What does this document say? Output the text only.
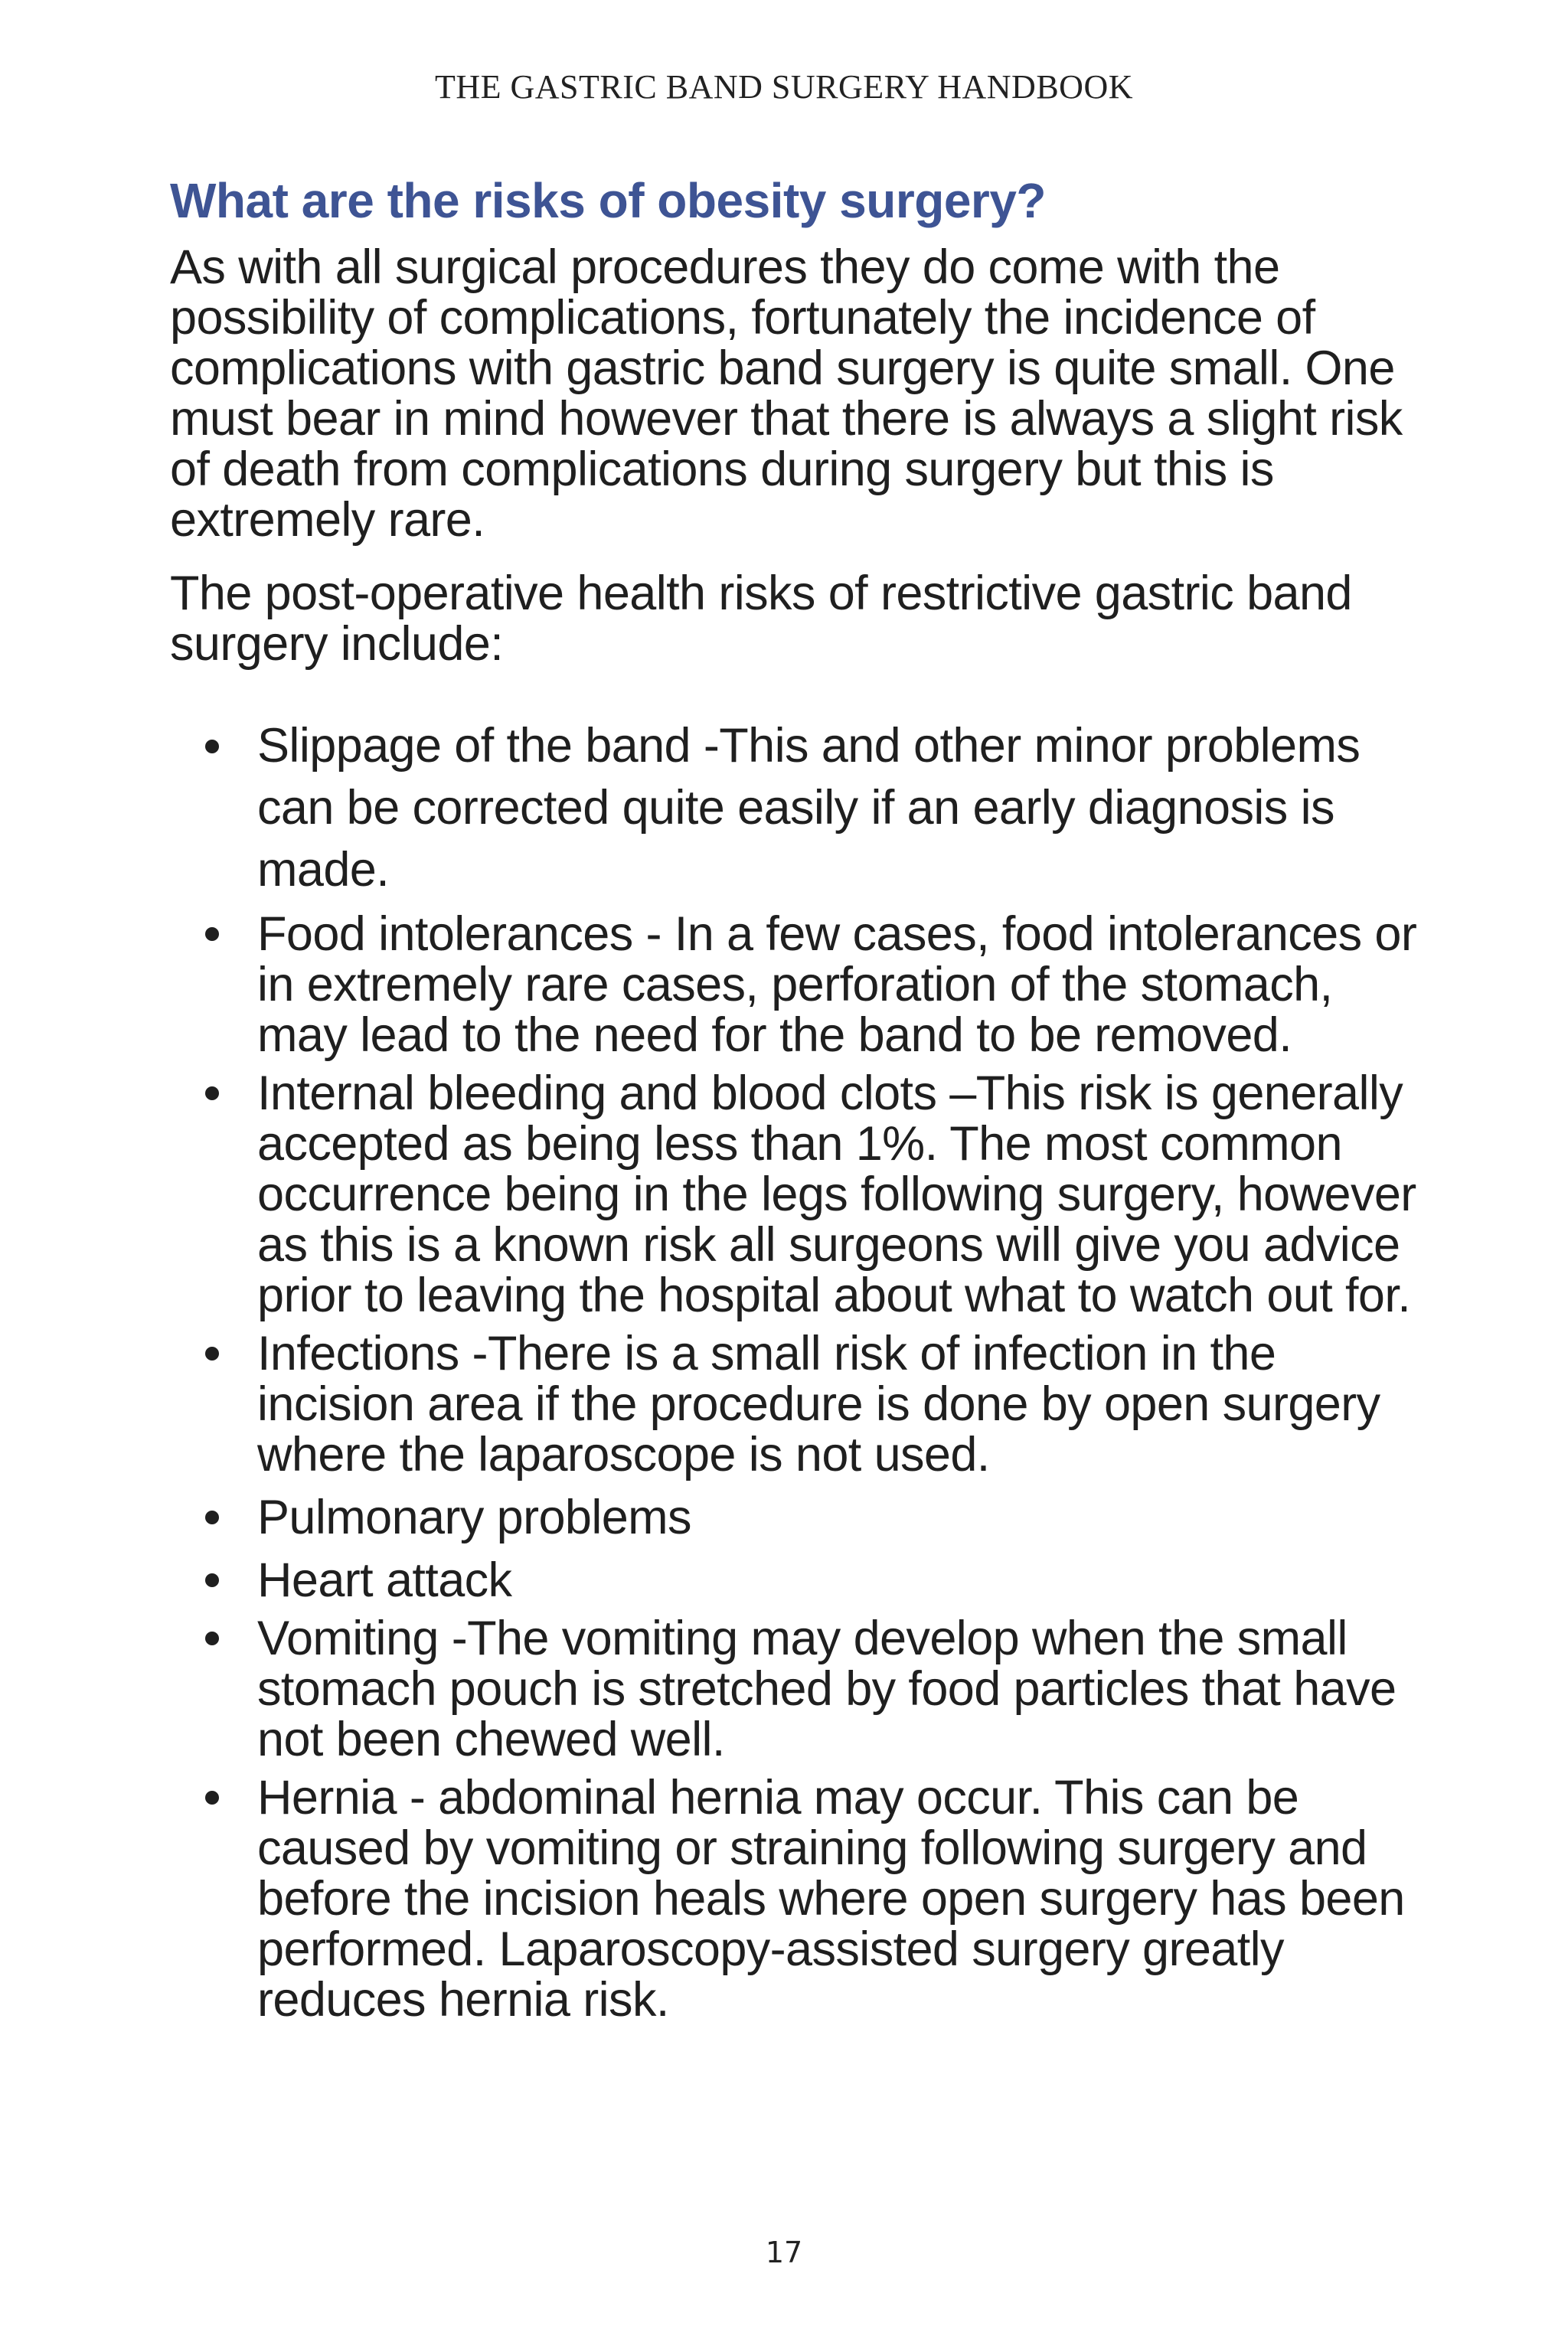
THE GASTRIC BAND SURGERY HANDBOOK
What are the risks of obesity surgery?

As with all surgical procedures they do come with the possibility of complications, fortunately the incidence of complications with gastric band surgery is quite small. One must bear in mind however that there is always a slight risk of death from complications during surgery but this is extremely rare.

The post-operative health risks of restrictive gastric band surgery include:

Slippage of the band -This and other minor problems can be corrected quite easily if an early diagnosis is made.
Food intolerances - In a few cases, food intolerances or in extremely rare cases, perforation of the stomach, may lead to the need for the band to be removed.
Internal bleeding and blood clots –This risk is generally accepted as being less than 1%. The most common occurrence being in the legs following surgery, however as this is a known risk all surgeons will give you advice prior to leaving the hospital about what to watch out for.
Infections -There is a small risk of infection in the incision area if the procedure is done by open surgery where the laparoscope is not used.
Pulmonary problems
Heart attack
Vomiting -The vomiting may develop when the small stomach pouch is stretched by food particles that have not been chewed well.
Hernia - abdominal hernia may occur. This can be caused by vomiting or straining following surgery and before the incision heals where open surgery has been performed. Laparoscopy-assisted surgery greatly reduces hernia risk.
17
